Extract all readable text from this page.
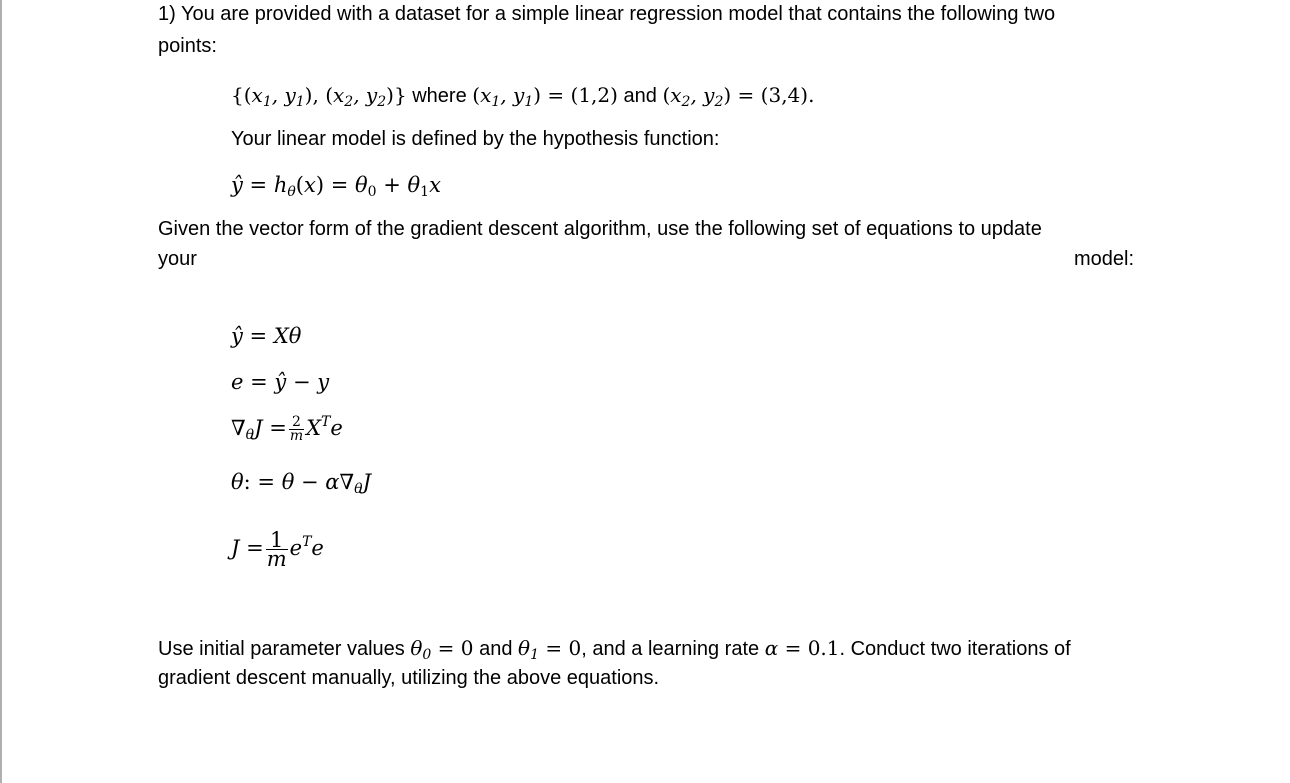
1) You are provided with a dataset for a simple linear regression model that contains the following two
points:
{($x_1$, $y_1$), ($x_2$, $y_2$)} where ($x_1$, $y_1) = (1,2)$ and ($x_2$, $y_2) = (3,4)$.
Your linear model is defined by the hypothesis function:
ŷ = $h_\theta(x) = \theta_0 + \theta_1x$
Given the vector form of the gradient descent algorithm, use the following set of equations to update
your	model:
ŷ = Xθ
e = ŷ − y
$\nabla_\theta J = \frac{2}{m} X^Te$
θ: = $\theta - \alpha\nabla_\theta J$
$J = \frac{1}{m} e^Te$
Use initial parameter values $\theta_0 = 0$ and $\theta_1 = 0$, and a learning rate α = 0.1. Conduct two iterations of
gradient descent manually, utilizing the above equations.
